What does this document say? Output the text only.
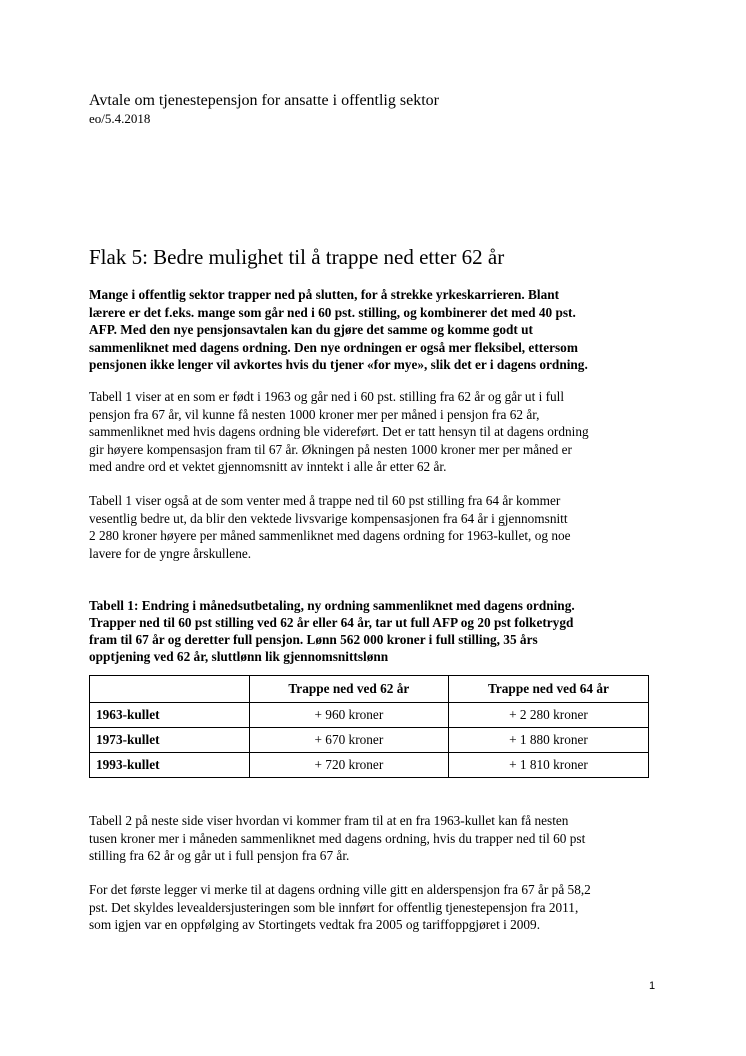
Avtale om tjenestepensjon for ansatte i offentlig sektor
eo/5.4.2018
Flak 5: Bedre mulighet til å trappe ned etter 62 år
Mange i offentlig sektor trapper ned på slutten, for å strekke yrkeskarrieren. Blant
lærere er det f.eks. mange som går ned i 60 pst. stilling, og kombinerer det med 40 pst.
AFP. Med den nye pensjonsavtalen kan du gjøre det samme og komme godt ut
sammenliknet med dagens ordning. Den nye ordningen er også mer fleksibel, ettersom
pensjonen ikke lenger vil avkortes hvis du tjener «for mye», slik det er i dagens ordning.
Tabell 1 viser at en som er født i 1963 og går ned i 60 pst. stilling fra 62 år og går ut i full
pensjon fra 67 år, vil kunne få nesten 1000 kroner mer per måned i pensjon fra 62 år,
sammenliknet med hvis dagens ordning ble videreført. Det er tatt hensyn til at dagens ordning
gir høyere kompensasjon fram til 67 år. Økningen på nesten 1000 kroner mer per måned er
med andre ord et vektet gjennomsnitt av inntekt i alle år etter 62 år.
Tabell 1 viser også at de som venter med å trappe ned til 60 pst stilling fra 64 år kommer
vesentlig bedre ut, da blir den vektede livsvarige kompensasjonen fra 64 år i gjennomsnitt
2 280 kroner høyere per måned sammenliknet med dagens ordning for 1963-kullet, og noe
lavere for de yngre årskullene.
Tabell 1: Endring i månedsutbetaling, ny ordning sammenliknet med dagens ordning.
Trapper ned til 60 pst stilling ved 62 år eller 64 år, tar ut full AFP og 20 pst folketrygd
fram til 67 år og deretter full pensjon. Lønn 562 000 kroner i full stilling, 35 års
opptjening ved 62 år, sluttlønn lik gjennomsnittslønn
	Trappe ned ved 62 år	Trappe ned ved 64 år
1963-kullet	+ 960 kroner	+ 2 280 kroner
1973-kullet	+ 670 kroner	+ 1 880 kroner
1993-kullet	+ 720 kroner	+ 1 810 kroner
Tabell 2 på neste side viser hvordan vi kommer fram til at en fra 1963-kullet kan få nesten
tusen kroner mer i måneden sammenliknet med dagens ordning, hvis du trapper ned til 60 pst
stilling fra 62 år og går ut i full pensjon fra 67 år.
For det første legger vi merke til at dagens ordning ville gitt en alderspensjon fra 67 år på 58,2
pst. Det skyldes levealdersjusteringen som ble innført for offentlig tjenestepensjon fra 2011,
som igjen var en oppfølging av Stortingets vedtak fra 2005 og tariffoppgjøret i 2009.
1
